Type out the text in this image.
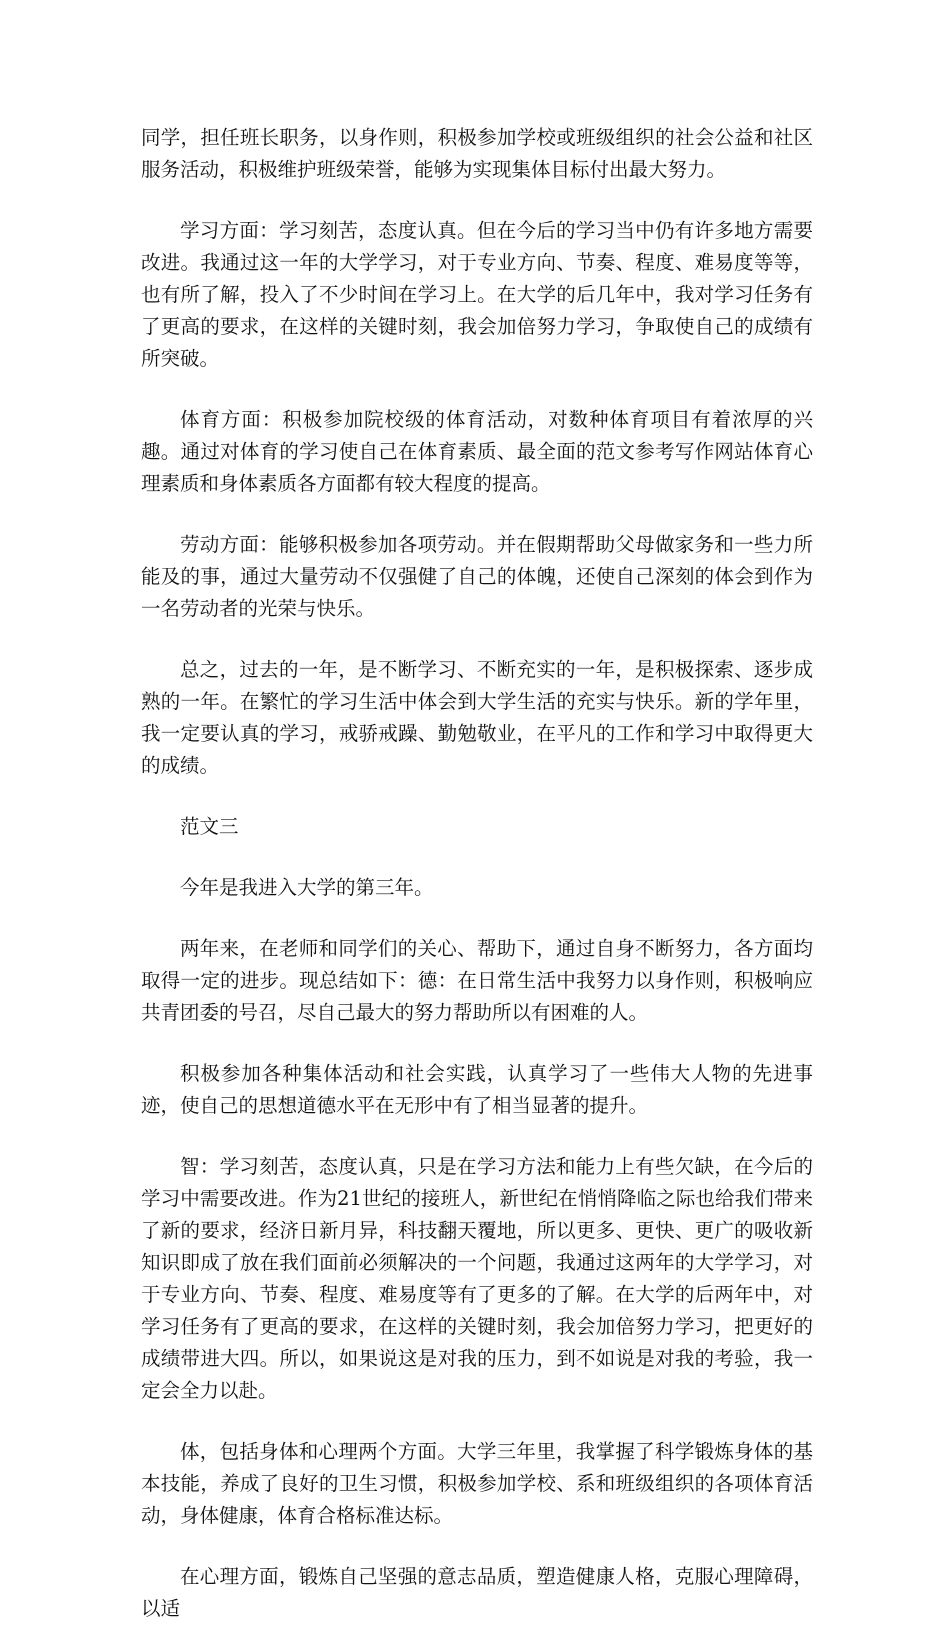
同学，担任班长职务，以身作则，积极参加学校或班级组织的社会公益和社区服务活动，积极维护班级荣誉，能够为实现集体目标付出最大努力。

学习方面：学习刻苦，态度认真。但在今后的学习当中仍有许多地方需要改进。我通过这一年的大学学习，对于专业方向、节奏、程度、难易度等等，也有所了解，投入了不少时间在学习上。在大学的后几年中，我对学习任务有了更高的要求，在这样的关键时刻，我会加倍努力学习，争取使自己的成绩有所突破。

体育方面：积极参加院校级的体育活动，对数种体育项目有着浓厚的兴趣。通过对体育的学习使自己在体育素质、最全面的范文参考写作网站体育心理素质和身体素质各方面都有较大程度的提高。

劳动方面：能够积极参加各项劳动。并在假期帮助父母做家务和一些力所能及的事，通过大量劳动不仅强健了自己的体魄，还使自己深刻的体会到作为一名劳动者的光荣与快乐。

总之，过去的一年，是不断学习、不断充实的一年，是积极探索、逐步成熟的一年。在繁忙的学习生活中体会到大学生活的充实与快乐。新的学年里，我一定要认真的学习，戒骄戒躁、勤勉敬业，在平凡的工作和学习中取得更大的成绩。

范文三

今年是我进入大学的第三年。

两年来，在老师和同学们的关心、帮助下，通过自身不断努力，各方面均取得一定的进步。现总结如下：德：在日常生活中我努力以身作则，积极响应共青团委的号召，尽自己最大的努力帮助所以有困难的人。

积极参加各种集体活动和社会实践，认真学习了一些伟大人物的先进事迹，使自己的思想道德水平在无形中有了相当显著的提升。

智：学习刻苦，态度认真，只是在学习方法和能力上有些欠缺，在今后的学习中需要改进。作为21世纪的接班人，新世纪在悄悄降临之际也给我们带来了新的要求，经济日新月异，科技翻天覆地，所以更多、更快、更广的吸收新知识即成了放在我们面前必须解决的一个问题，我通过这两年的大学学习，对于专业方向、节奏、程度、难易度等有了更多的了解。在大学的后两年中，对学习任务有了更高的要求，在这样的关键时刻，我会加倍努力学习，把更好的成绩带进大四。所以，如果说这是对我的压力，到不如说是对我的考验，我一定会全力以赴。

体，包括身体和心理两个方面。大学三年里，我掌握了科学锻炼身体的基本技能，养成了良好的卫生习惯，积极参加学校、系和班级组织的各项体育活动，身体健康，体育合格标准达标。

在心理方面，锻炼自己坚强的意志品质，塑造健康人格，克服心理障碍，以适
